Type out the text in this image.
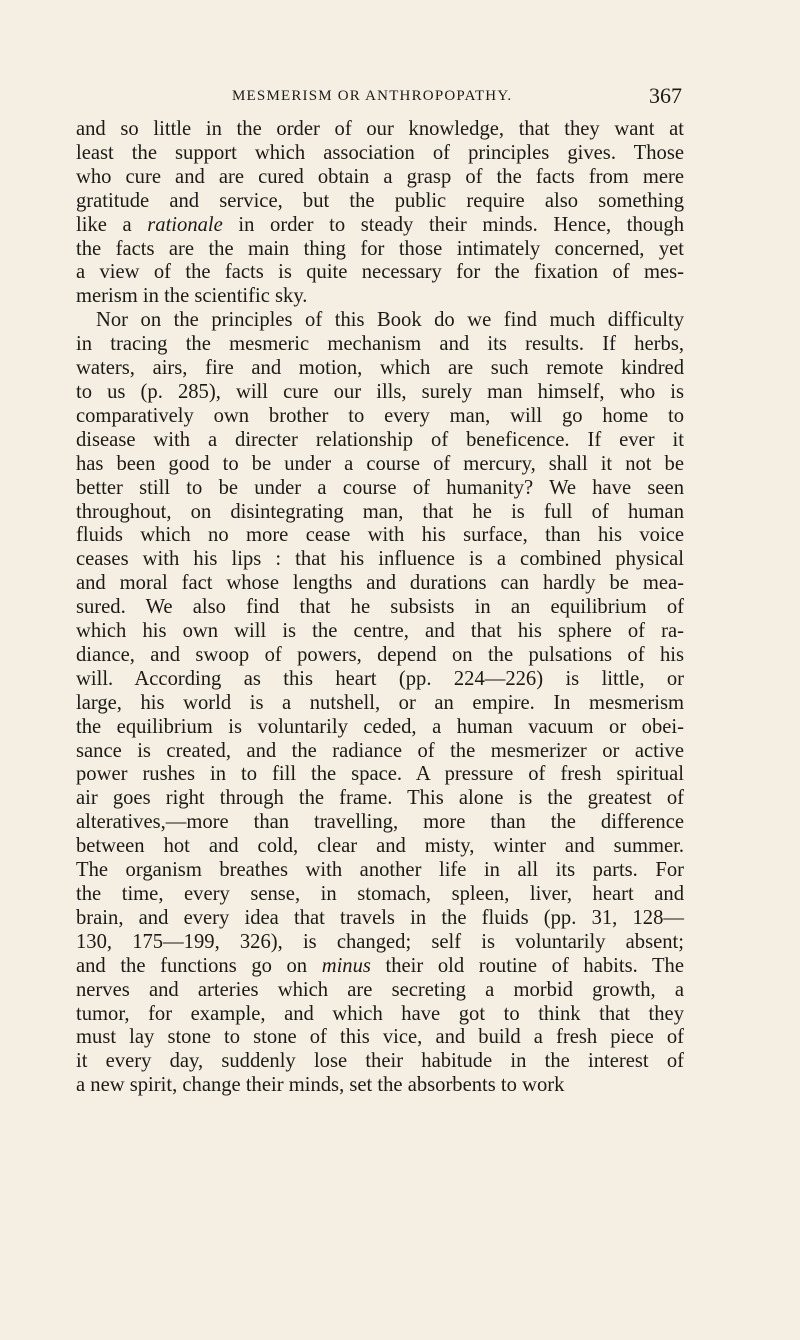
MESMERISM OR ANTHROPOPATHY.	367
and so little in the order of our knowledge, that they want at
least the support which association of principles gives. Those
who cure and are cured obtain a grasp of the facts from mere
gratitude and service, but the public require also something
like a rationale in order to steady their minds. Hence, though
the facts are the main thing for those intimately concerned, yet
a view of the facts is quite necessary for the fixation of mes-
merism in the scientific sky.
Nor on the principles of this Book do we find much difficulty
in tracing the mesmeric mechanism and its results. If herbs,
waters, airs, fire and motion, which are such remote kindred
to us (p. 285), will cure our ills, surely man himself, who is
comparatively own brother to every man, will go home to
disease with a directer relationship of beneficence. If ever it
has been good to be under a course of mercury, shall it not be
better still to be under a course of humanity? We have seen
throughout, on disintegrating man, that he is full of human
fluids which no more cease with his surface, than his voice
ceases with his lips : that his influence is a combined physical
and moral fact whose lengths and durations can hardly be mea-
sured. We also find that he subsists in an equilibrium of
which his own will is the centre, and that his sphere of ra-
diance, and swoop of powers, depend on the pulsations of his
will. According as this heart (pp. 224—226) is little, or
large, his world is a nutshell, or an empire. In mesmerism
the equilibrium is voluntarily ceded, a human vacuum or obei-
sance is created, and the radiance of the mesmerizer or active
power rushes in to fill the space. A pressure of fresh spiritual
air goes right through the frame. This alone is the greatest of
alteratives,—more than travelling, more than the difference
between hot and cold, clear and misty, winter and summer.
The organism breathes with another life in all its parts. For
the time, every sense, in stomach, spleen, liver, heart and
brain, and every idea that travels in the fluids (pp. 31, 128—
130, 175—199, 326), is changed; self is voluntarily absent;
and the functions go on minus their old routine of habits. The
nerves and arteries which are secreting a morbid growth, a
tumor, for example, and which have got to think that they
must lay stone to stone of this vice, and build a fresh piece of
it every day, suddenly lose their habitude in the interest of
a new spirit, change their minds, set the absorbents to work
